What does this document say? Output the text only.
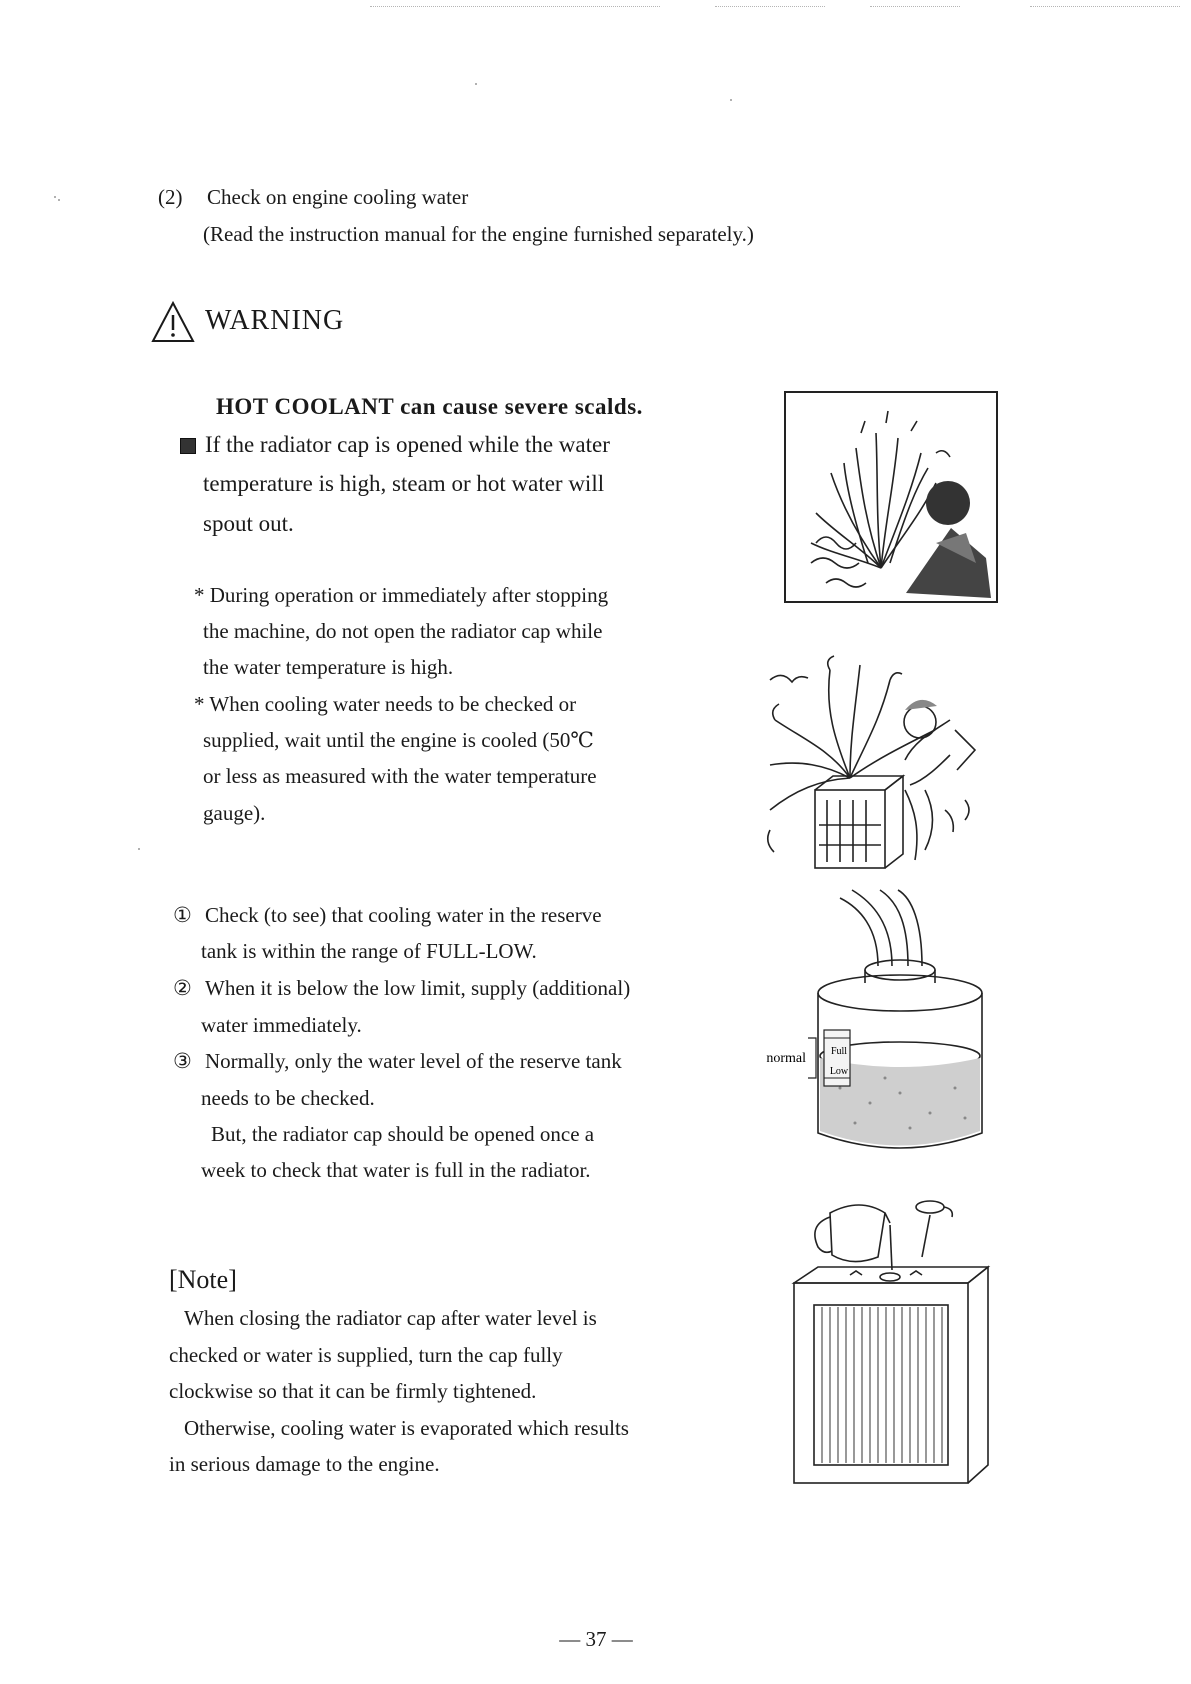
(2) Check on engine cooling water
(Read the instruction manual for the engine furnished separately.)
WARNING
HOT COOLANT can cause severe scalds.
If the radiator cap is opened while the water
temperature is high, steam or hot water will
spout out.
* During operation or immediately after stopping
the machine, do not open the radiator cap while
the water temperature is high.
* When cooling water needs to be checked or
supplied, wait until the engine is cooled (50℃
or less as measured with the water temperature
gauge).
① Check (to see) that cooling water in the reserve
tank is within the range of FULL-LOW.
② When it is below the low limit, supply (additional)
water immediately.
③ Normally, only the water level of the reserve tank
needs to be checked.
But, the radiator cap should be opened once a
week to check that water is full in the radiator.
[Note]
When closing the radiator cap after water level is
checked or water is supplied, turn the cap fully
clockwise so that it can be firmly tightened.
Otherwise, cooling water is evaporated which results
in serious damage to the engine.
Full
Low
normal
— 37 —
